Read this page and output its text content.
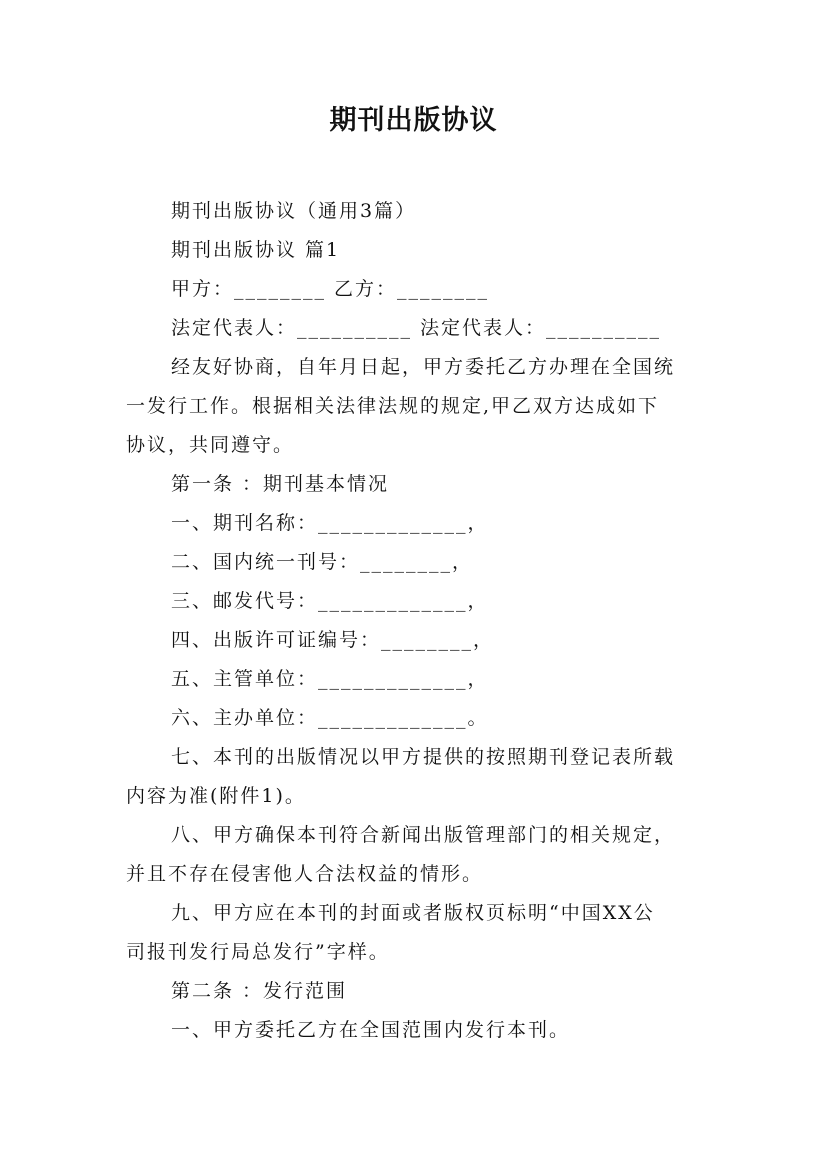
期刊出版协议
期刊出版协议（通用3篇）
期刊出版协议 篇1
甲方：________ 乙方：________
法定代表人：__________ 法定代表人：__________
经友好协商，自年月日起，甲方委托乙方办理在全国统
一发行工作。根据相关法律法规的规定,甲乙双方达成如下
协议，共同遵守。
第一条 ：期刊基本情况
一、期刊名称：_____________，
二、国内统一刊号：________，
三、邮发代号：_____________，
四、出版许可证编号：________，
五、主管单位：_____________，
六、主办单位：_____________。
七、本刊的出版情况以甲方提供的按照期刊登记表所载
内容为准(附件1)。
八、甲方确保本刊符合新闻出版管理部门的相关规定，
并且不存在侵害他人合法权益的情形。
九、甲方应在本刊的封面或者版权页标明“中国XX公
司报刊发行局总发行”字样。
第二条 ：发行范围
一、甲方委托乙方在全国范围内发行本刊。
